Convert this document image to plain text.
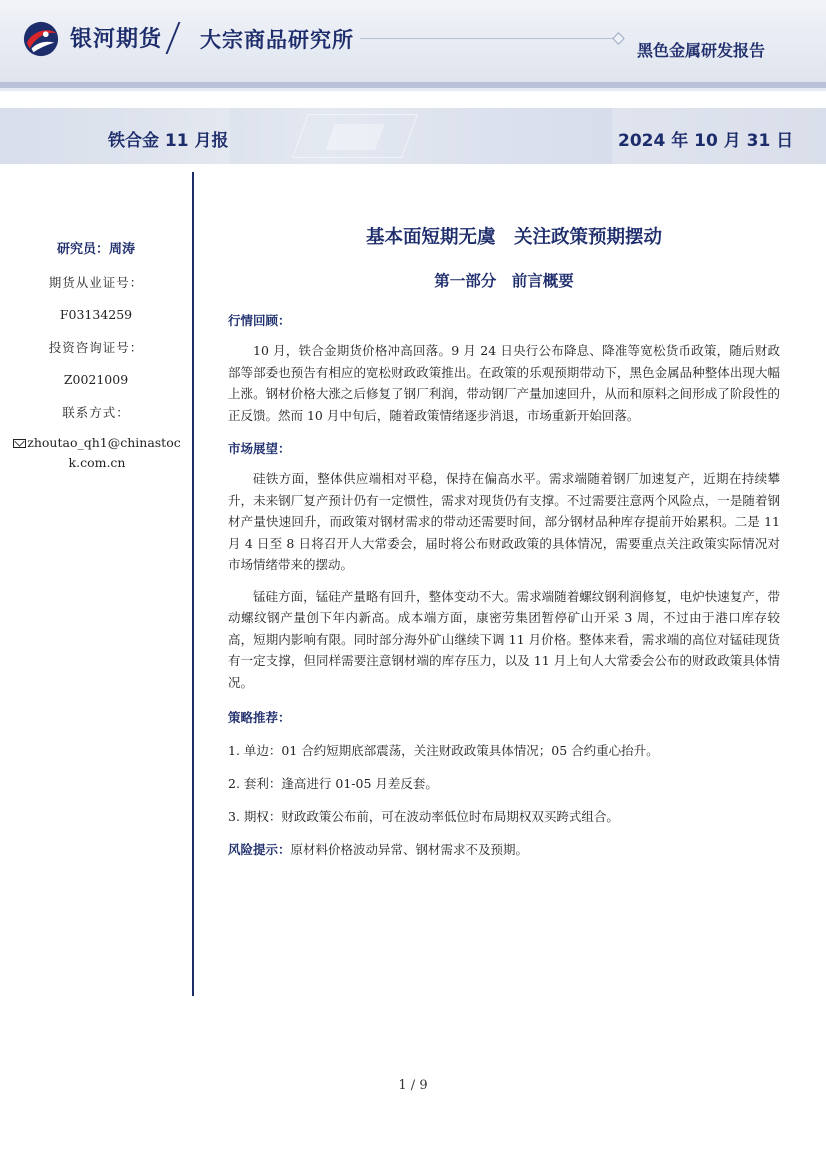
银河期货 大宗商品研究所	黑色金属研发报告
铁合金 11 月报	2024 年 10 月 31 日
研究员：周涛
期货从业证号：
F03134259
投资咨询证号：
Z0021009
联系方式：
zhoutao_qh1@chinastock.com.cn
基本面短期无虞　关注政策预期摆动
第一部分　前言概要
行情回顾：

10 月，铁合金期货价格冲高回落。9 月 24 日央行公布降息、降准等宽松货币政策，随后财政部等部委也预告有相应的宽松财政政策推出。在政策的乐观预期带动下，黑色金属品种整体出现大幅上涨。钢材价格大涨之后修复了钢厂利润，带动钢厂产量加速回升，从而和原料之间形成了阶段性的正反馈。然而 10 月中旬后，随着政策情绪逐步消退，市场重新开始回落。

市场展望：

硅铁方面，整体供应端相对平稳，保持在偏高水平。需求端随着钢厂加速复产，近期在持续攀升，未来钢厂复产预计仍有一定惯性，需求对现货仍有支撑。不过需要注意两个风险点，一是随着钢材产量快速回升，而政策对钢材需求的带动还需要时间，部分钢材品种库存提前开始累积。二是 11 月 4 日至 8 日将召开人大常委会，届时将公布财政政策的具体情况，需要重点关注政策实际情况对市场情绪带来的摆动。

锰硅方面，锰硅产量略有回升，整体变动不大。需求端随着螺纹钢利润修复，电炉快速复产，带动螺纹钢产量创下年内新高。成本端方面，康密劳集团暂停矿山开采 3 周，不过由于港口库存较高，短期内影响有限。同时部分海外矿山继续下调 11 月价格。整体来看，需求端的高位对锰硅现货有一定支撑，但同样需要注意钢材端的库存压力，以及 11 月上旬人大常委会公布的财政政策具体情况。

策略推荐：
1. 单边：01 合约短期底部震荡，关注财政政策具体情况；05 合约重心抬升。
2. 套利：逢高进行 01-05 月差反套。
3. 期权：财政政策公布前，可在波动率低位时布局期权双买跨式组合。
风险提示：原材料价格波动异常、钢材需求不及预期。
1 / 9
